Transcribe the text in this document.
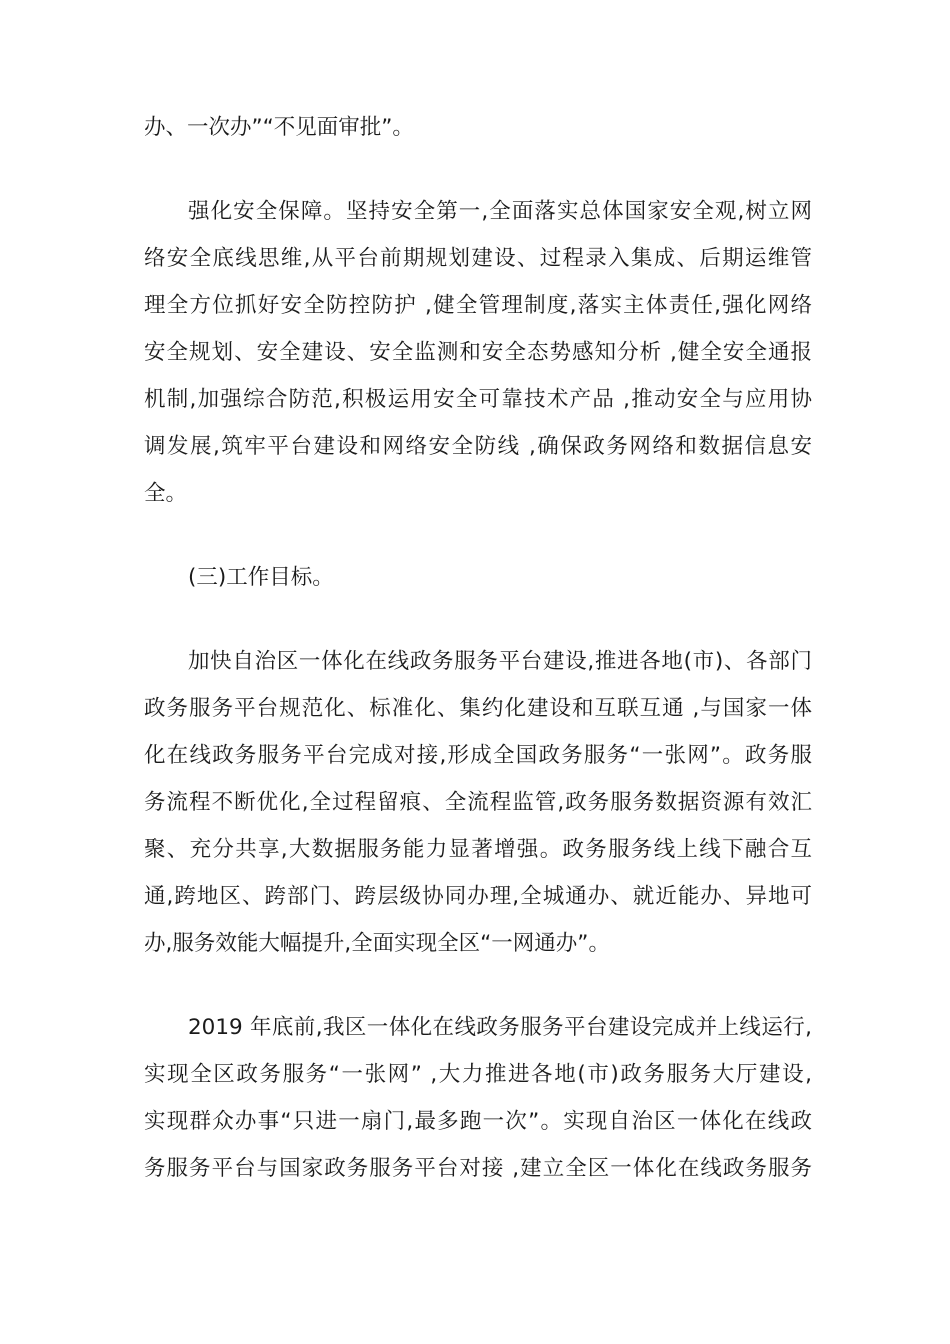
办、一次办”“不见面审批”。
强化安全保障。坚持安全第一,全面落实总体国家安全观,树立网
络安全底线思维,从平台前期规划建设、过程录入集成、后期运维管
理全方位抓好安全防控防护 ,健全管理制度,落实主体责任,强化网络
安全规划、安全建设、安全监测和安全态势感知分析 ,健全安全通报
机制,加强综合防范,积极运用安全可靠技术产品 ,推动安全与应用协
调发展,筑牢平台建设和网络安全防线 ,确保政务网络和数据信息安
全。
(三)工作目标。
加快自治区一体化在线政务服务平台建设,推进各地(市)、各部门
政务服务平台规范化、标准化、集约化建设和互联互通 ,与国家一体
化在线政务服务平台完成对接,形成全国政务服务“一张网”。政务服
务流程不断优化,全过程留痕、全流程监管,政务服务数据资源有效汇
聚、充分共享,大数据服务能力显著增强。政务服务线上线下融合互
通,跨地区、跨部门、跨层级协同办理,全城通办、就近能办、异地可
办,服务效能大幅提升,全面实现全区“一网通办”。
2019 年底前,我区一体化在线政务服务平台建设完成并上线运行,
实现全区政务服务“一张网” ,大力推进各地(市)政务服务大厅建设,
实现群众办事“只进一扇门,最多跑一次”。实现自治区一体化在线政
务服务平台与国家政务服务平台对接 ,建立全区一体化在线政务服务
